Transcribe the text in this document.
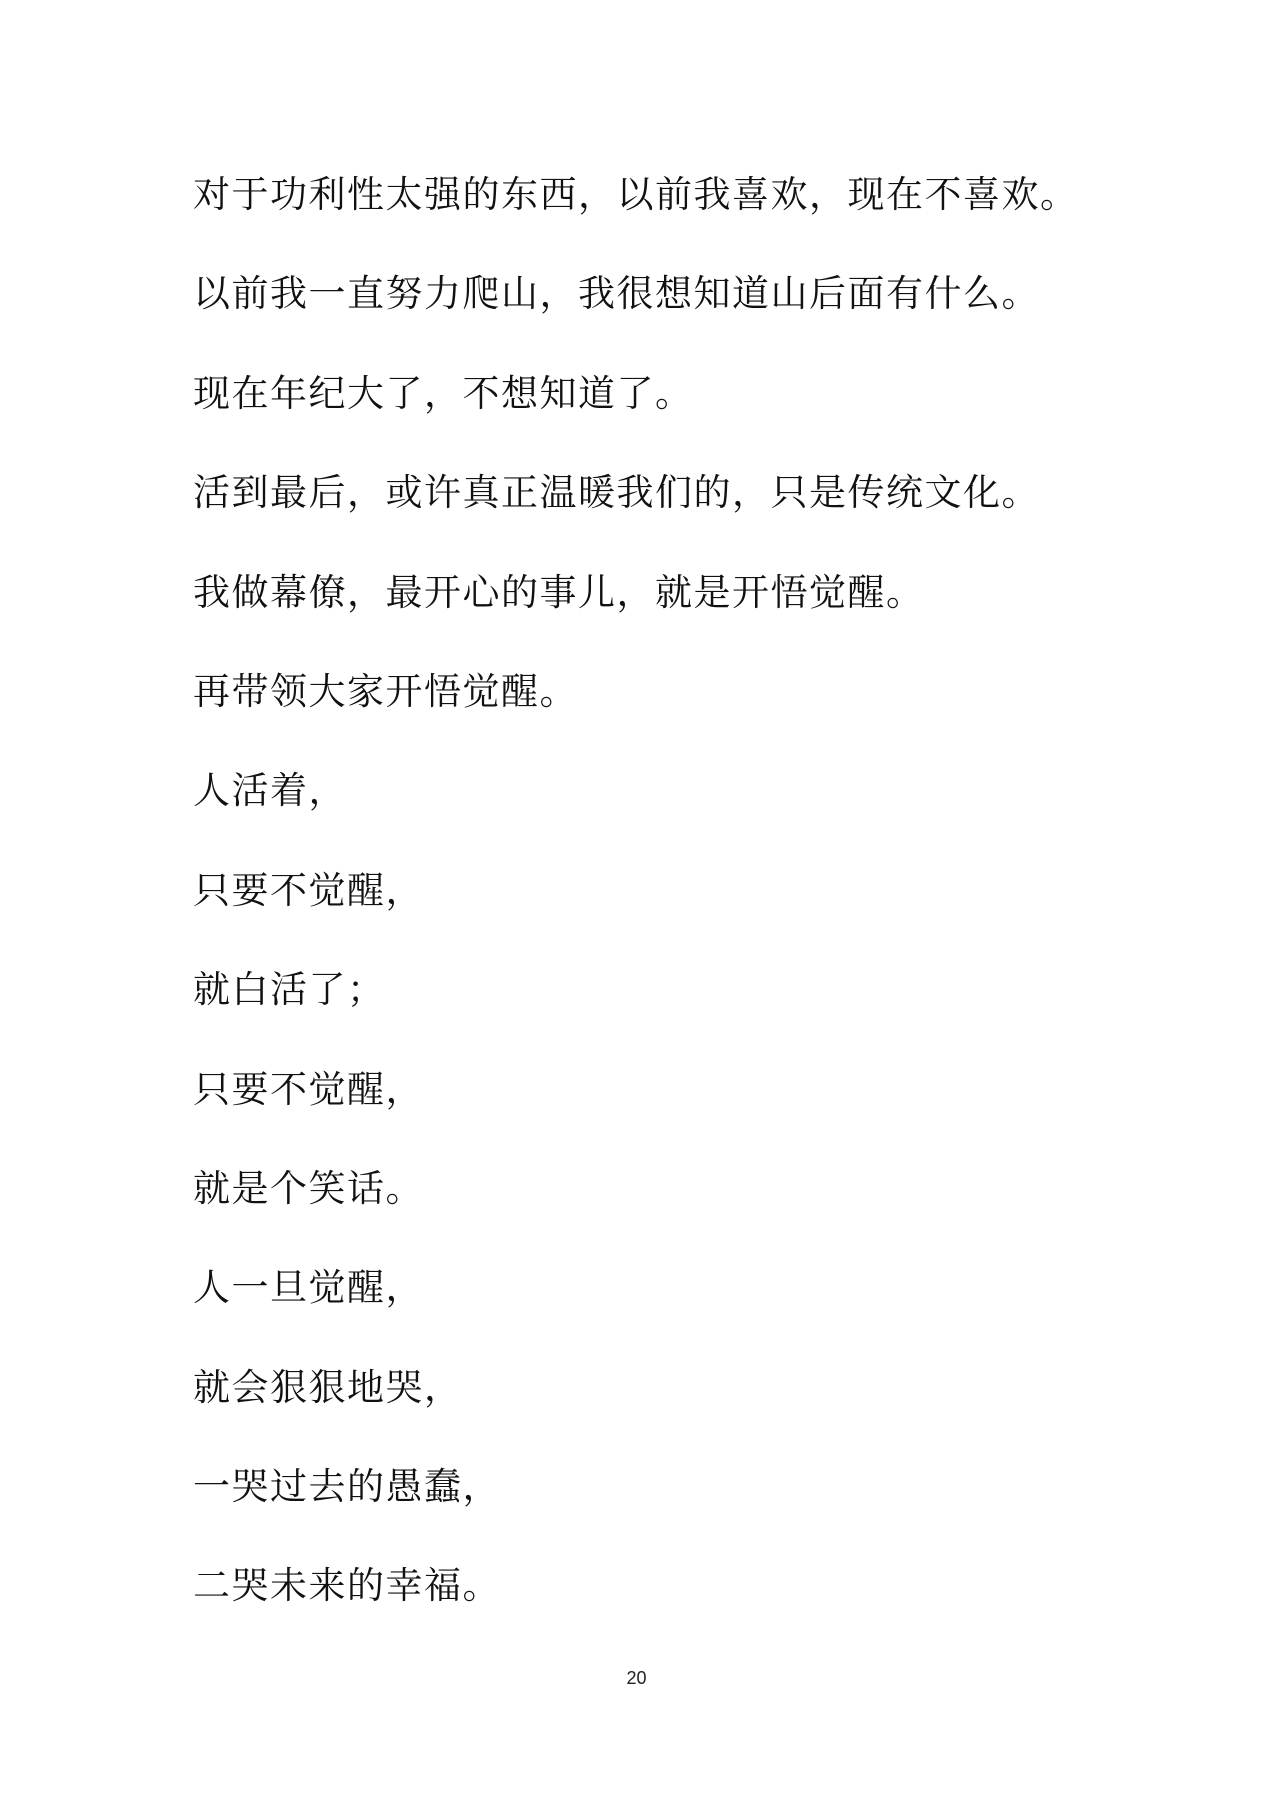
对于功利性太强的东西，以前我喜欢，现在不喜欢。

以前我一直努力爬山，我很想知道山后面有什么。

现在年纪大了，不想知道了。

活到最后，或许真正温暖我们的，只是传统文化。

我做幕僚，最开心的事儿，就是开悟觉醒。

再带领大家开悟觉醒。

人活着，

只要不觉醒，

就白活了；

只要不觉醒，

就是个笑话。

人一旦觉醒，

就会狠狠地哭，

一哭过去的愚蠢，

二哭未来的幸福。

20
